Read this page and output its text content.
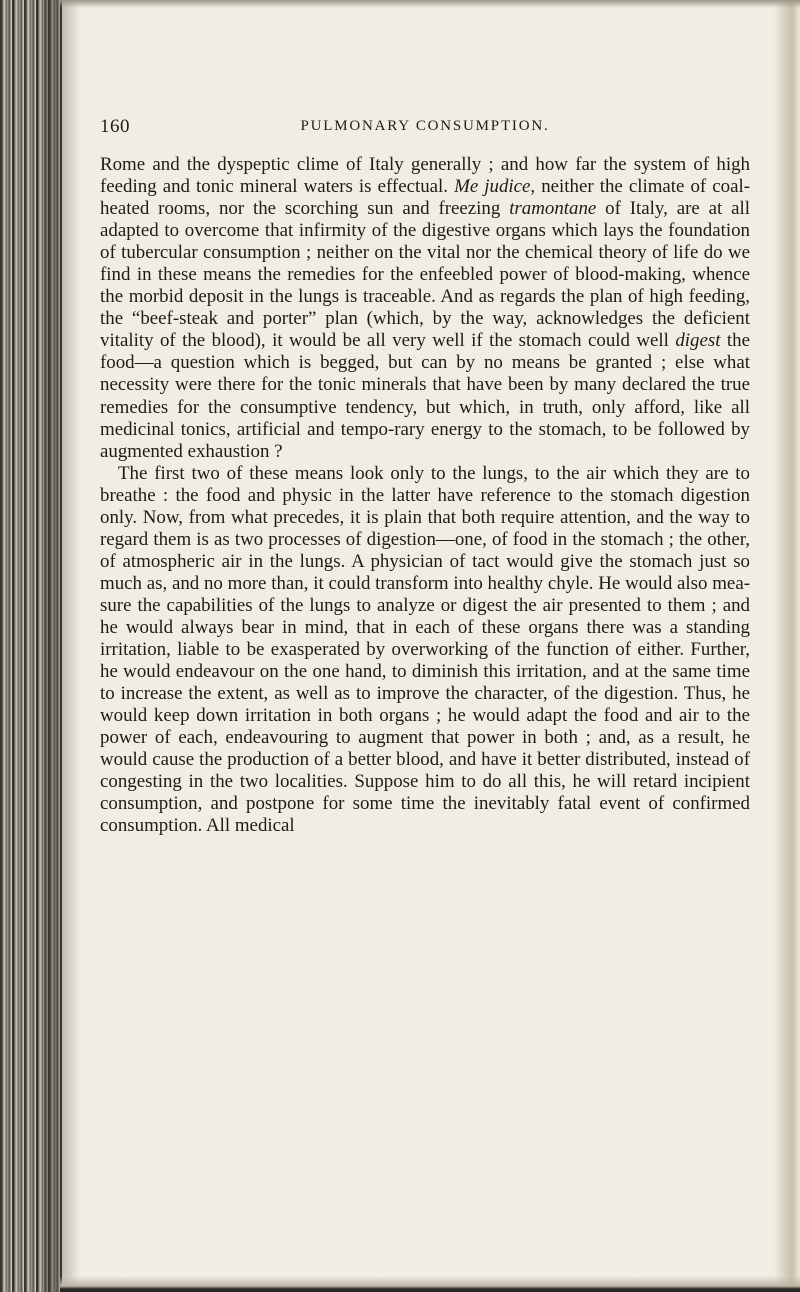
160	PULMONARY CONSUMPTION.

Rome and the dyspeptic clime of Italy generally ; and how far the system of high feeding and tonic mineral waters is effectual. Me judice, neither the climate of coal-heated rooms, nor the scorching sun and freezing tramontane of Italy, are at all adapted to overcome that infirmity of the digestive organs which lays the foundation of tubercular consumption ; neither on the vital nor the chemical theory of life do we find in these means the remedies for the enfeebled power of blood-making, whence the morbid deposit in the lungs is traceable. And as regards the plan of high feeding, the “beef-steak and porter” plan (which, by the way, acknowledges the deficient vitality of the blood), it would be all very well if the stomach could well digest the food—a question which is begged, but can by no means be granted ; else what necessity were there for the tonic minerals that have been by many declared the true remedies for the consumptive tendency, but which, in truth, only afford, like all medicinal tonics, artificial and tempo-rary energy to the stomach, to be followed by augmented exhaustion ?

The first two of these means look only to the lungs, to the air which they are to breathe : the food and physic in the latter have reference to the stomach digestion only. Now, from what precedes, it is plain that both require attention, and the way to regard them is as two processes of digestion—one, of food in the stomach ; the other, of atmospheric air in the lungs. A physician of tact would give the stomach just so much as, and no more than, it could transform into healthy chyle. He would also mea-sure the capabilities of the lungs to analyze or digest the air presented to them ; and he would always bear in mind, that in each of these organs there was a standing irritation, liable to be exasperated by overworking of the function of either. Further, he would endeavour on the one hand, to diminish this irritation, and at the same time to increase the extent, as well as to improve the character, of the digestion. Thus, he would keep down irritation in both organs ; he would adapt the food and air to the power of each, endeavouring to augment that power in both ; and, as a result, he would cause the production of a better blood, and have it better distributed, instead of congesting in the two localities. Suppose him to do all this, he will retard incipient consumption, and postpone for some time the inevitably fatal event of confirmed consumption. All medical
